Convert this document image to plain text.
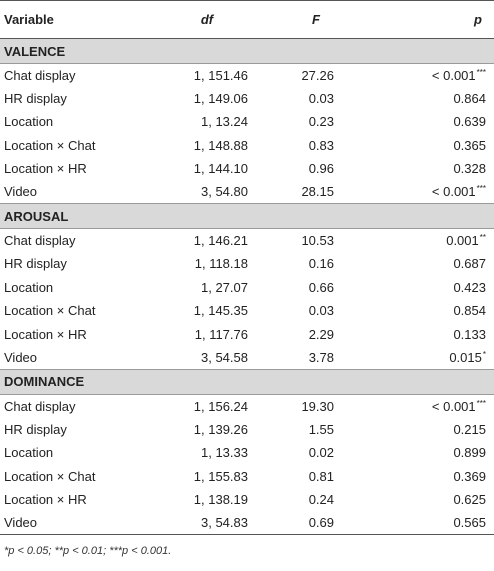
Variable	df	F	p
VALENCE			
Chat display	1, 151.46	27.26	< 0.001***
HR display	1, 149.06	0.03	0.864
Location	1, 13.24	0.23	0.639
Location × Chat	1, 148.88	0.83	0.365
Location × HR	1, 144.10	0.96	0.328
Video	3, 54.80	28.15	< 0.001***
AROUSAL			
Chat display	1, 146.21	10.53	0.001**
HR display	1, 118.18	0.16	0.687
Location	1, 27.07	0.66	0.423
Location × Chat	1, 145.35	0.03	0.854
Location × HR	1, 117.76	2.29	0.133
Video	3, 54.58	3.78	0.015*
DOMINANCE			
Chat display	1, 156.24	19.30	< 0.001***
HR display	1, 139.26	1.55	0.215
Location	1, 13.33	0.02	0.899
Location × Chat	1, 155.83	0.81	0.369
Location × HR	1, 138.19	0.24	0.625
Video	3, 54.83	0.69	0.565
*p < 0.05; **p < 0.01; ***p < 0.001.
